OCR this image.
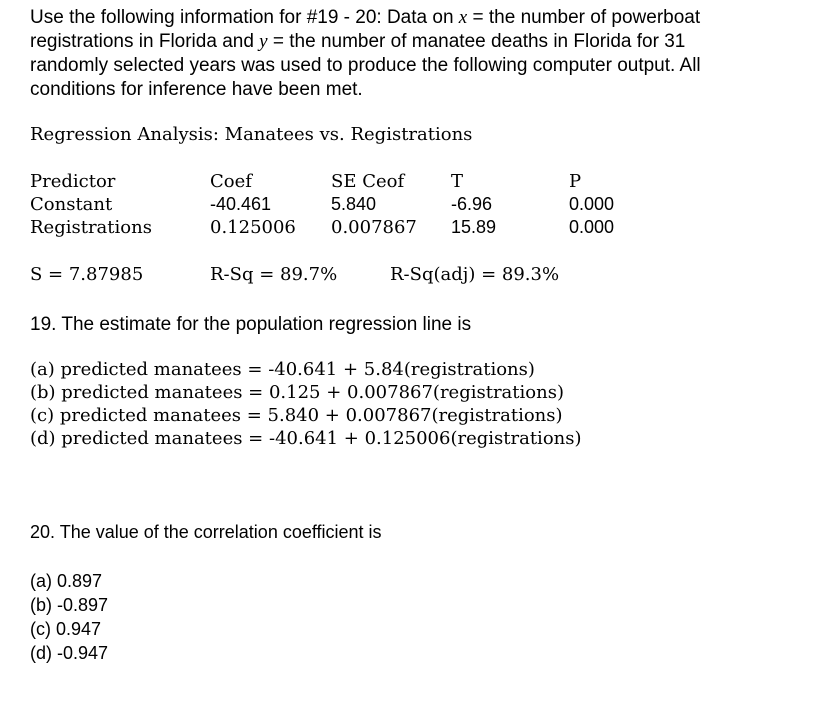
Use the following information for #19 - 20: Data on x = the number of powerboat
registrations in Florida and y = the number of manatee deaths in Florida for 31
randomly selected years was used to produce the following computer output. All
conditions for inference have been met.
Regression Analysis: Manatees vs. Registrations
Predictor	Coef	SE Ceof	T	P
Constant	-40.461	5.840	-6.96	0.000
Registrations	0.125006	0.007867	15.89	0.000
S = 7.87985	R-Sq = 89.7%	R-Sq(adj) = 89.3%
19. The estimate for the population regression line is
(a) predicted manatees = -40.641 + 5.84(registrations)
(b) predicted manatees = 0.125 + 0.007867(registrations)
(c) predicted manatees = 5.840 + 0.007867(registrations)
(d) predicted manatees = -40.641 + 0.125006(registrations)
20. The value of the correlation coefficient is
(a) 0.897
(b) -0.897
(c) 0.947
(d) -0.947
